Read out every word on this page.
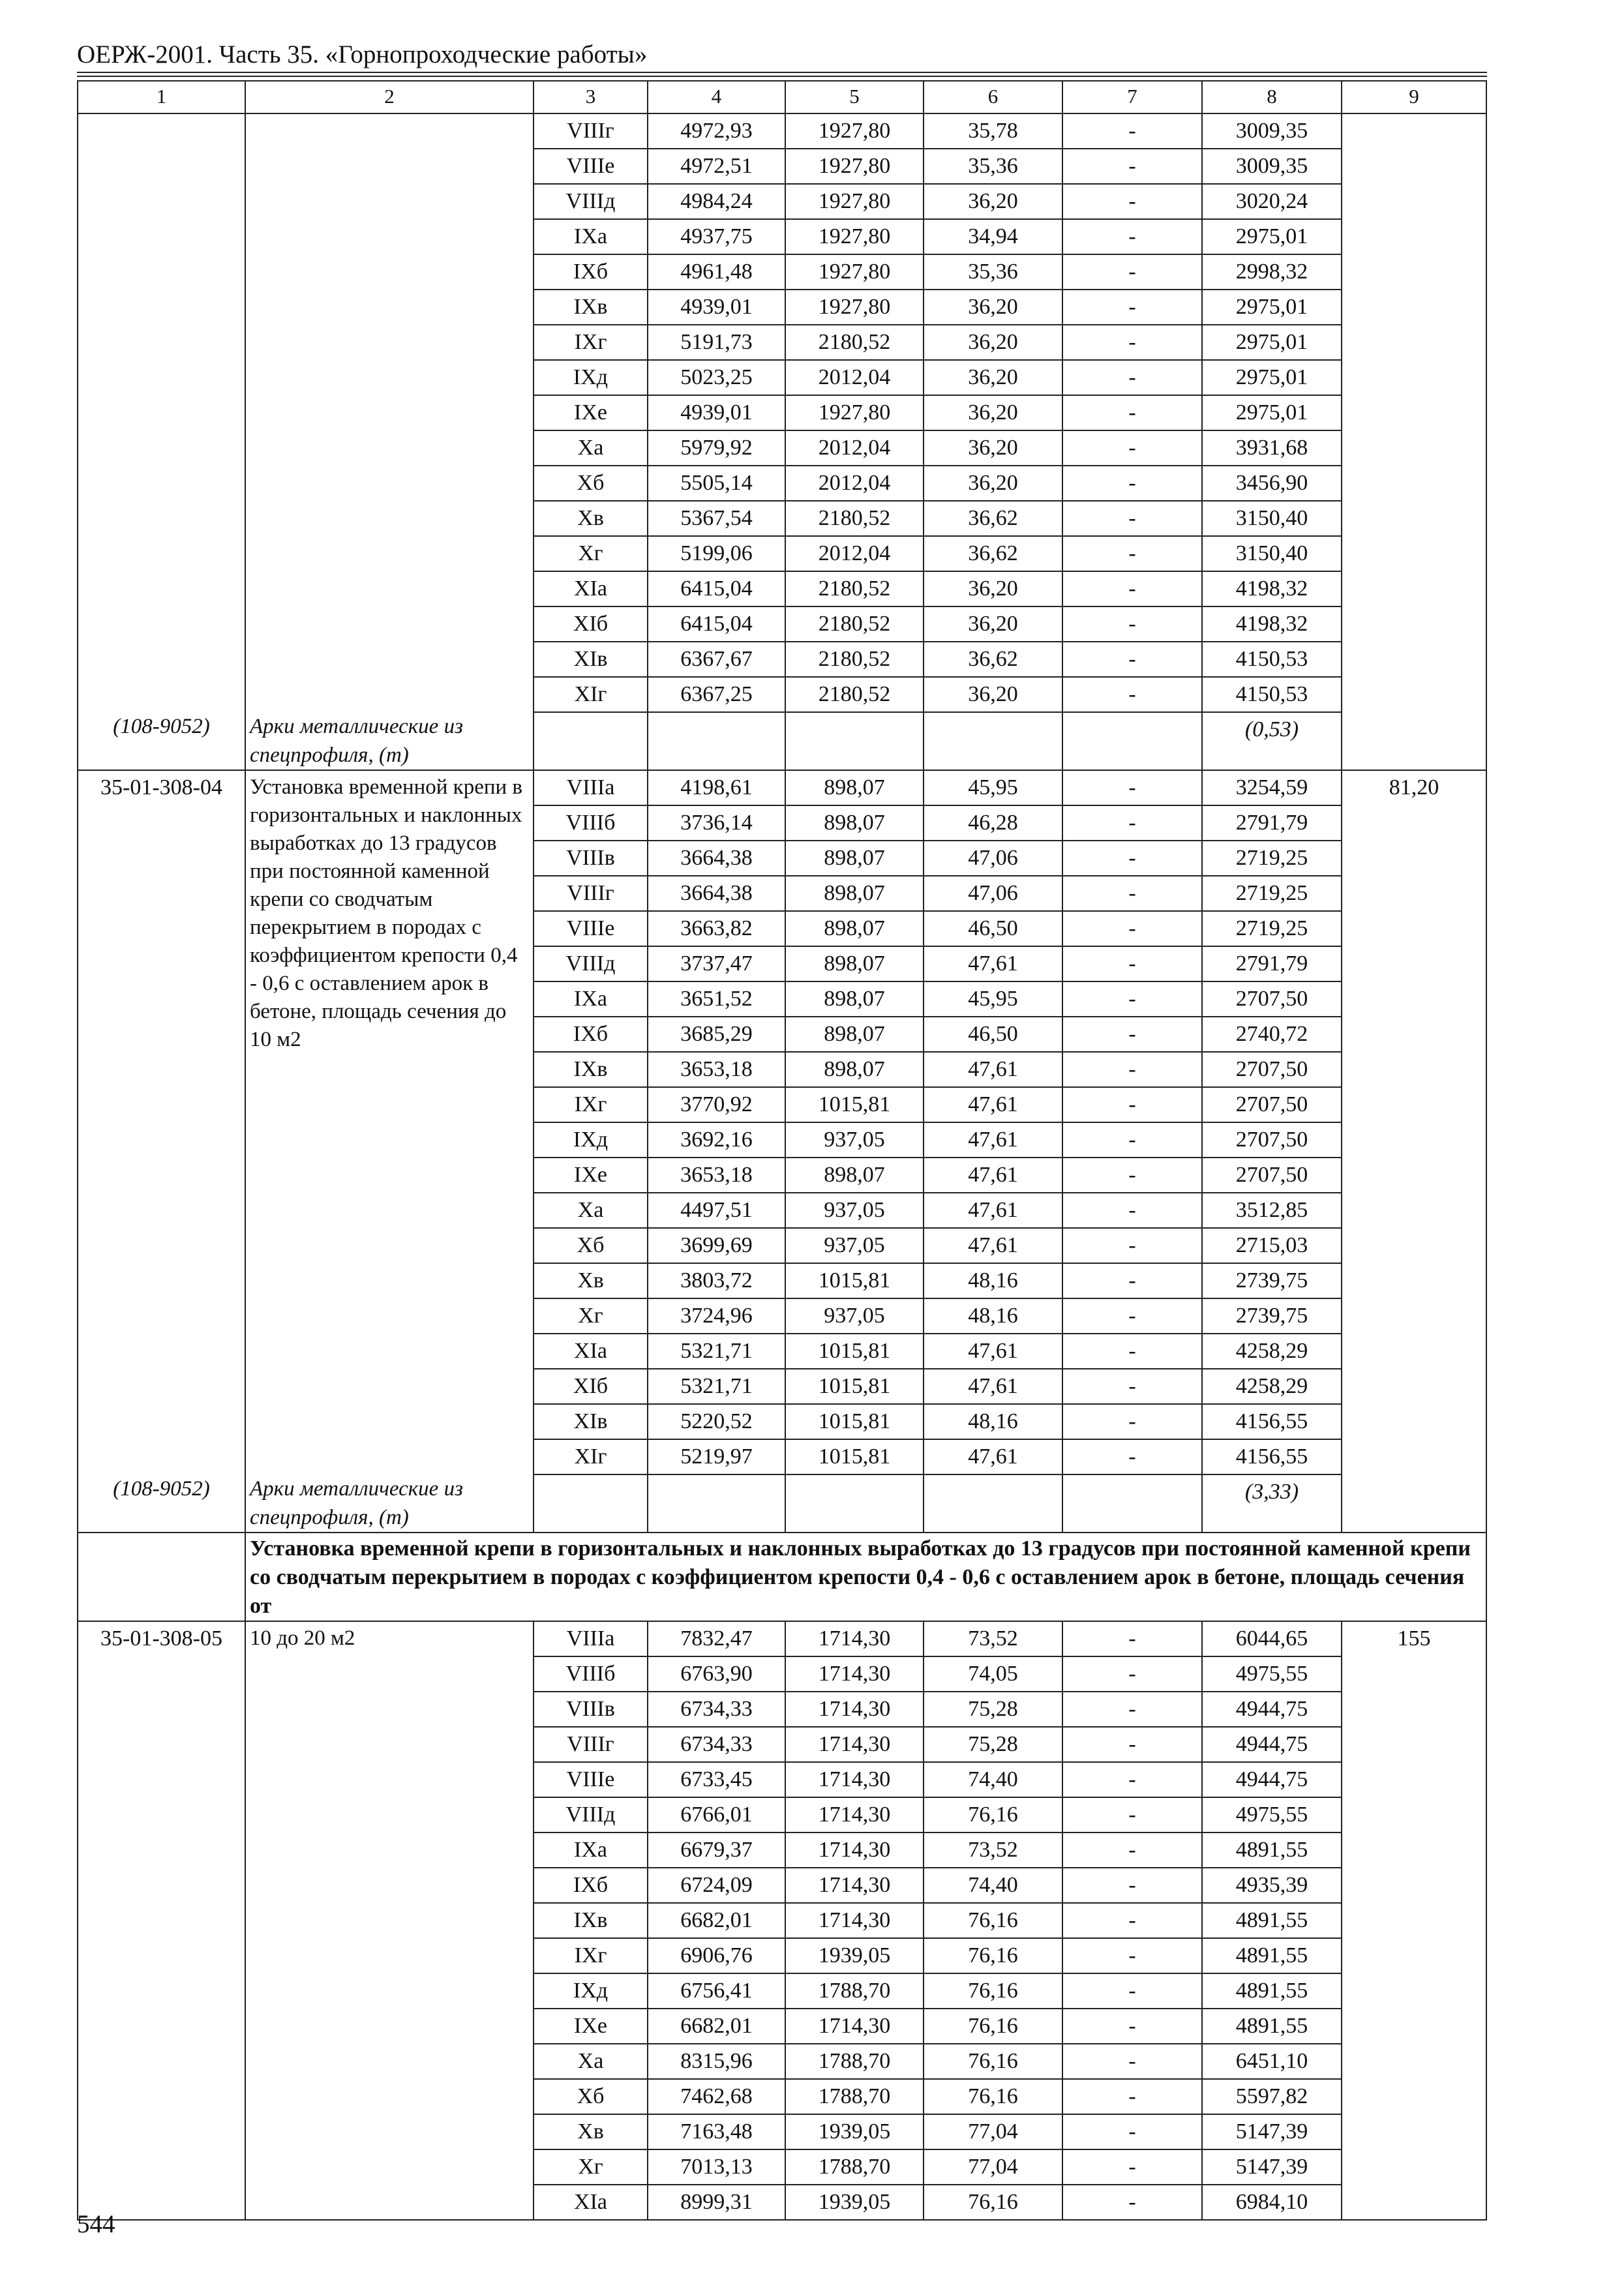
ОЕРЖ-2001. Часть 35. «Горнопроходческие работы»
1	2	3	4	5	6	7	8	9
		VIIIг	4972,93	1927,80	35,78	-	3009,35	
		VIIIе	4972,51	1927,80	35,36	-	3009,35	
		VIIIд	4984,24	1927,80	36,20	-	3020,24	
		IXа	4937,75	1927,80	34,94	-	2975,01	
		IXб	4961,48	1927,80	35,36	-	2998,32	
		IXв	4939,01	1927,80	36,20	-	2975,01	
		IXг	5191,73	2180,52	36,20	-	2975,01	
		IXд	5023,25	2012,04	36,20	-	2975,01	
		IXе	4939,01	1927,80	36,20	-	2975,01	
		Xа	5979,92	2012,04	36,20	-	3931,68	
		Xб	5505,14	2012,04	36,20	-	3456,90	
		Xв	5367,54	2180,52	36,62	-	3150,40	
		Xг	5199,06	2012,04	36,62	-	3150,40	
		XIа	6415,04	2180,52	36,20	-	4198,32	
		XIб	6415,04	2180,52	36,20	-	4198,32	
		XIв	6367,67	2180,52	36,62	-	4150,53	
		XIг	6367,25	2180,52	36,20	-	4150,53	
(108-9052)	Арки металлические из спецпрофиля, (т)						(0,53)	
35-01-308-04	Установка временной крепи в горизонтальных и наклонных выработках до 13 градусов при постоянной каменной крепи со сводчатым перекрытием в породах с коэффициентом крепости 0,4 - 0,6 с оставлением арок в бетоне, площадь сечения до 10 м2	VIIIа	4198,61	898,07	45,95	-	3254,59	81,20
		VIIIб	3736,14	898,07	46,28	-	2791,79	
		VIIIв	3664,38	898,07	47,06	-	2719,25	
		VIIIг	3664,38	898,07	47,06	-	2719,25	
		VIIIе	3663,82	898,07	46,50	-	2719,25	
		VIIIд	3737,47	898,07	47,61	-	2791,79	
		IXа	3651,52	898,07	45,95	-	2707,50	
		IXб	3685,29	898,07	46,50	-	2740,72	
		IXв	3653,18	898,07	47,61	-	2707,50	
		IXг	3770,92	1015,81	47,61	-	2707,50	
		IXд	3692,16	937,05	47,61	-	2707,50	
		IXе	3653,18	898,07	47,61	-	2707,50	
		Xа	4497,51	937,05	47,61	-	3512,85	
		Xб	3699,69	937,05	47,61	-	2715,03	
		Xв	3803,72	1015,81	48,16	-	2739,75	
		Xг	3724,96	937,05	48,16	-	2739,75	
		XIа	5321,71	1015,81	47,61	-	4258,29	
		XIб	5321,71	1015,81	47,61	-	4258,29	
		XIв	5220,52	1015,81	48,16	-	4156,55	
		XIг	5219,97	1015,81	47,61	-	4156,55	
(108-9052)	Арки металлические из спецпрофиля, (т)						(3,33)	
	Установка временной крепи в горизонтальных и наклонных выработках до 13 градусов при постоянной каменной крепи со сводчатым перекрытием в породах с коэффициентом крепости 0,4 - 0,6 с оставлением арок в бетоне, площадь сечения от							
35-01-308-05	10 до 20 м2	VIIIа	7832,47	1714,30	73,52	-	6044,65	155
		VIIIб	6763,90	1714,30	74,05	-	4975,55	
		VIIIв	6734,33	1714,30	75,28	-	4944,75	
		VIIIг	6734,33	1714,30	75,28	-	4944,75	
		VIIIе	6733,45	1714,30	74,40	-	4944,75	
		VIIIд	6766,01	1714,30	76,16	-	4975,55	
		IXа	6679,37	1714,30	73,52	-	4891,55	
		IXб	6724,09	1714,30	74,40	-	4935,39	
		IXв	6682,01	1714,30	76,16	-	4891,55	
		IXг	6906,76	1939,05	76,16	-	4891,55	
		IXд	6756,41	1788,70	76,16	-	4891,55	
		IXе	6682,01	1714,30	76,16	-	4891,55	
		Xа	8315,96	1788,70	76,16	-	6451,10	
		Xб	7462,68	1788,70	76,16	-	5597,82	
		Xв	7163,48	1939,05	77,04	-	5147,39	
		Xг	7013,13	1788,70	77,04	-	5147,39	
		XIа	8999,31	1939,05	76,16	-	6984,10	
544
